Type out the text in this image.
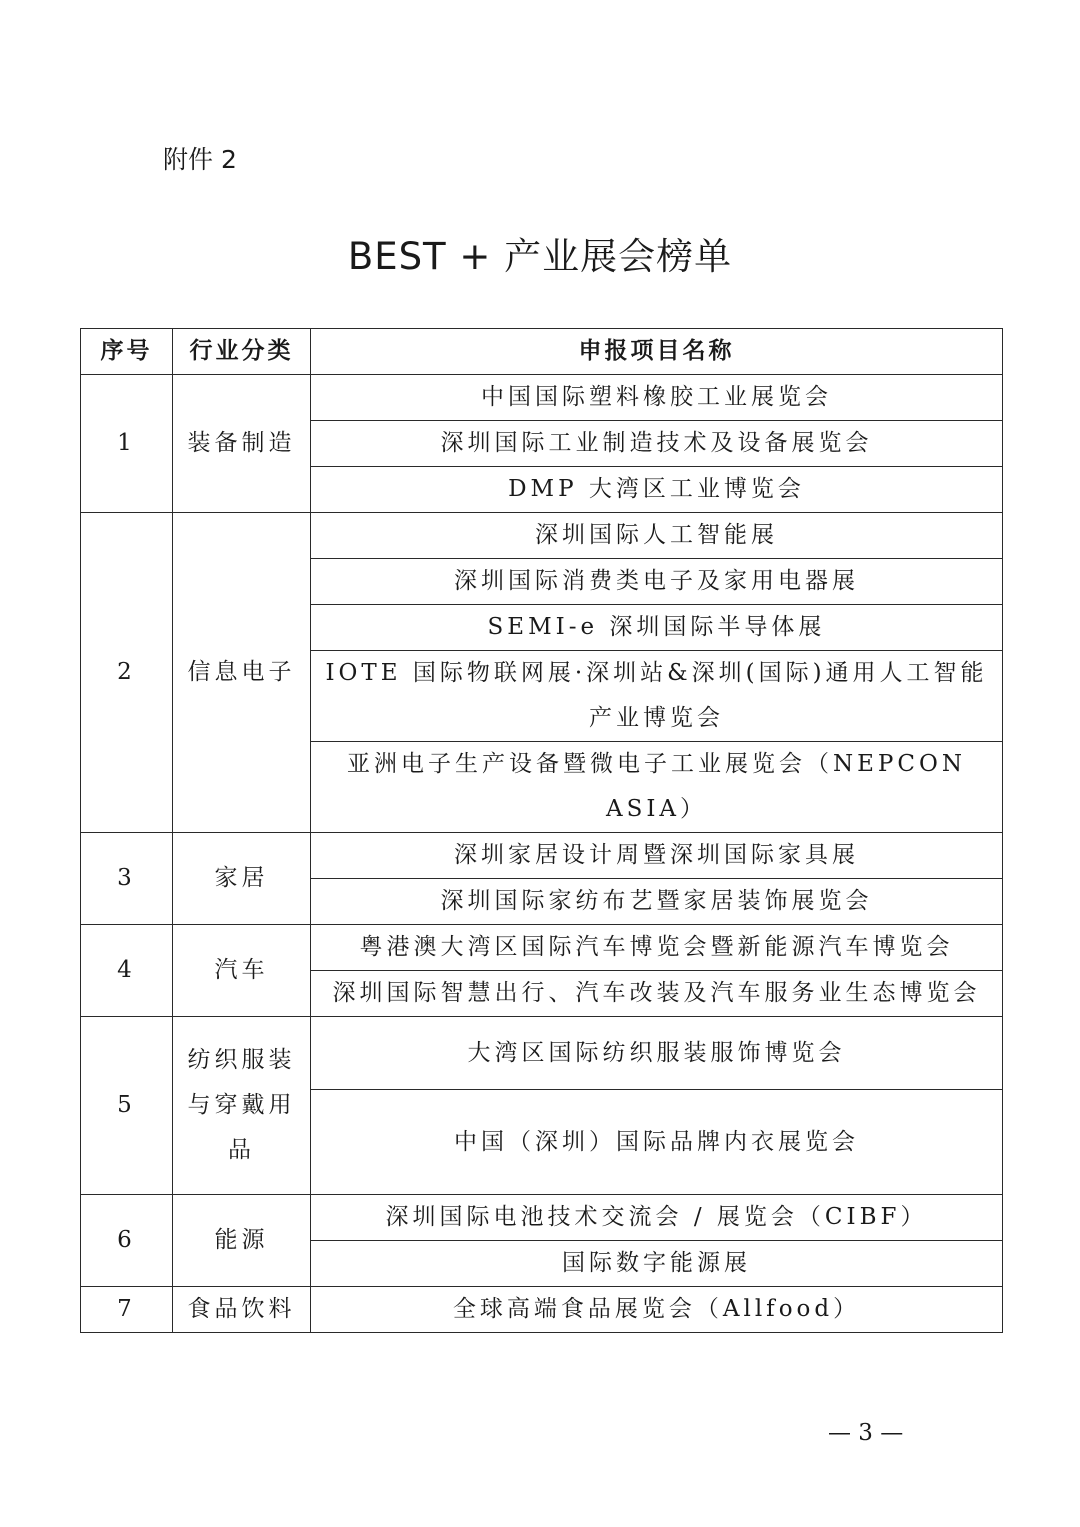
附件 2
BEST + 产业展会榜单
序号	行业分类	申报项目名称
1	装备制造	中国国际塑料橡胶工业展览会
		深圳国际工业制造技术及设备展览会
		DMP 大湾区工业博览会
2	信息电子	深圳国际人工智能展
		深圳国际消费类电子及家用电器展
		SEMI-e 深圳国际半导体展
		IOTE 国际物联网展·深圳站&深圳(国际)通用人工智能产业博览会
		亚洲电子生产设备暨微电子工业展览会（NEPCON ASIA）
3	家居	深圳家居设计周暨深圳国际家具展
		深圳国际家纺布艺暨家居装饰展览会
4	汽车	粤港澳大湾区国际汽车博览会暨新能源汽车博览会
		深圳国际智慧出行、汽车改装及汽车服务业生态博览会
5	纺织服装与穿戴用品	大湾区国际纺织服装服饰博览会
		中国（深圳）国际品牌内衣展览会
6	能源	深圳国际电池技术交流会 / 展览会（CIBF）
		国际数字能源展
7	食品饮料	全球高端食品展览会（Allfood）
— 3 —
